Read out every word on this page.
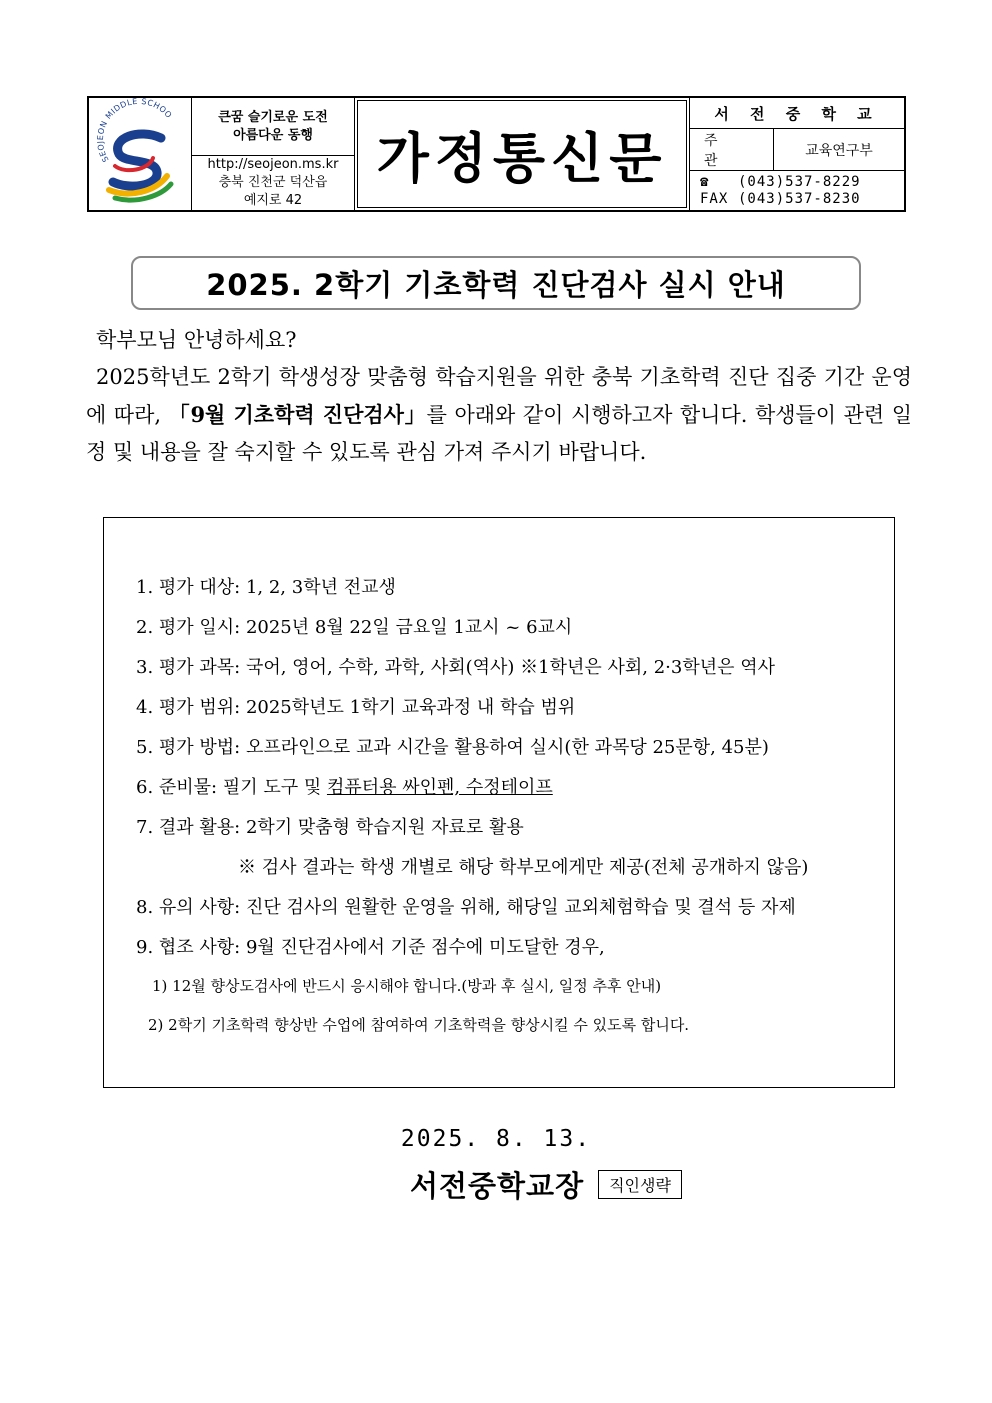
SEOJEON MIDDLE SCHOO	큰꿈 슬기로운 도전
아름다운 동행
http://seojeon.ms.kr
충북 진천군 덕산읍
예지로 42
가정통신문
서 전 중 학 교
주 관
교육연구부
☎ (043)537-8229
FAX (043)537-8230
2025. 2학기 기초학력 진단검사 실시 안내
학부모님 안녕하세요?
2025학년도 2학기 학생성장 맞춤형 학습지원을 위한 충북 기초학력 진단 집중 기간 운영에 따라, 「9월 기초학력 진단검사」를 아래와 같이 시행하고자 합니다. 학생들이 관련 일정 및 내용을 잘 숙지할 수 있도록 관심 가져 주시기 바랍니다.
1. 평가 대상: 1, 2, 3학년 전교생
2. 평가 일시: 2025년 8월 22일 금요일 1교시 ~ 6교시
3. 평가 과목: 국어, 영어, 수학, 과학, 사회(역사) ※1학년은 사회, 2·3학년은 역사
4. 평가 범위: 2025학년도 1학기 교육과정 내 학습 범위
5. 평가 방법: 오프라인으로 교과 시간을 활용하여 실시(한 과목당 25문항, 45분)
6. 준비물: 필기 도구 및 컴퓨터용 싸인펜, 수정테이프
7. 결과 활용: 2학기 맞춤형 학습지원 자료로 활용
※ 검사 결과는 학생 개별로 해당 학부모에게만 제공(전체 공개하지 않음)
8. 유의 사항: 진단 검사의 원활한 운영을 위해, 해당일 교외체험학습 및 결석 등 자제
9. 협조 사항: 9월 진단검사에서 기준 점수에 미도달한 경우,
1) 12월 향상도검사에 반드시 응시해야 합니다.(방과 후 실시, 일정 추후 안내)
2) 2학기 기초학력 향상반 수업에 참여하여 기초학력을 향상시킬 수 있도록 합니다.
2025. 8. 13.
서전중학교장	직인생략
